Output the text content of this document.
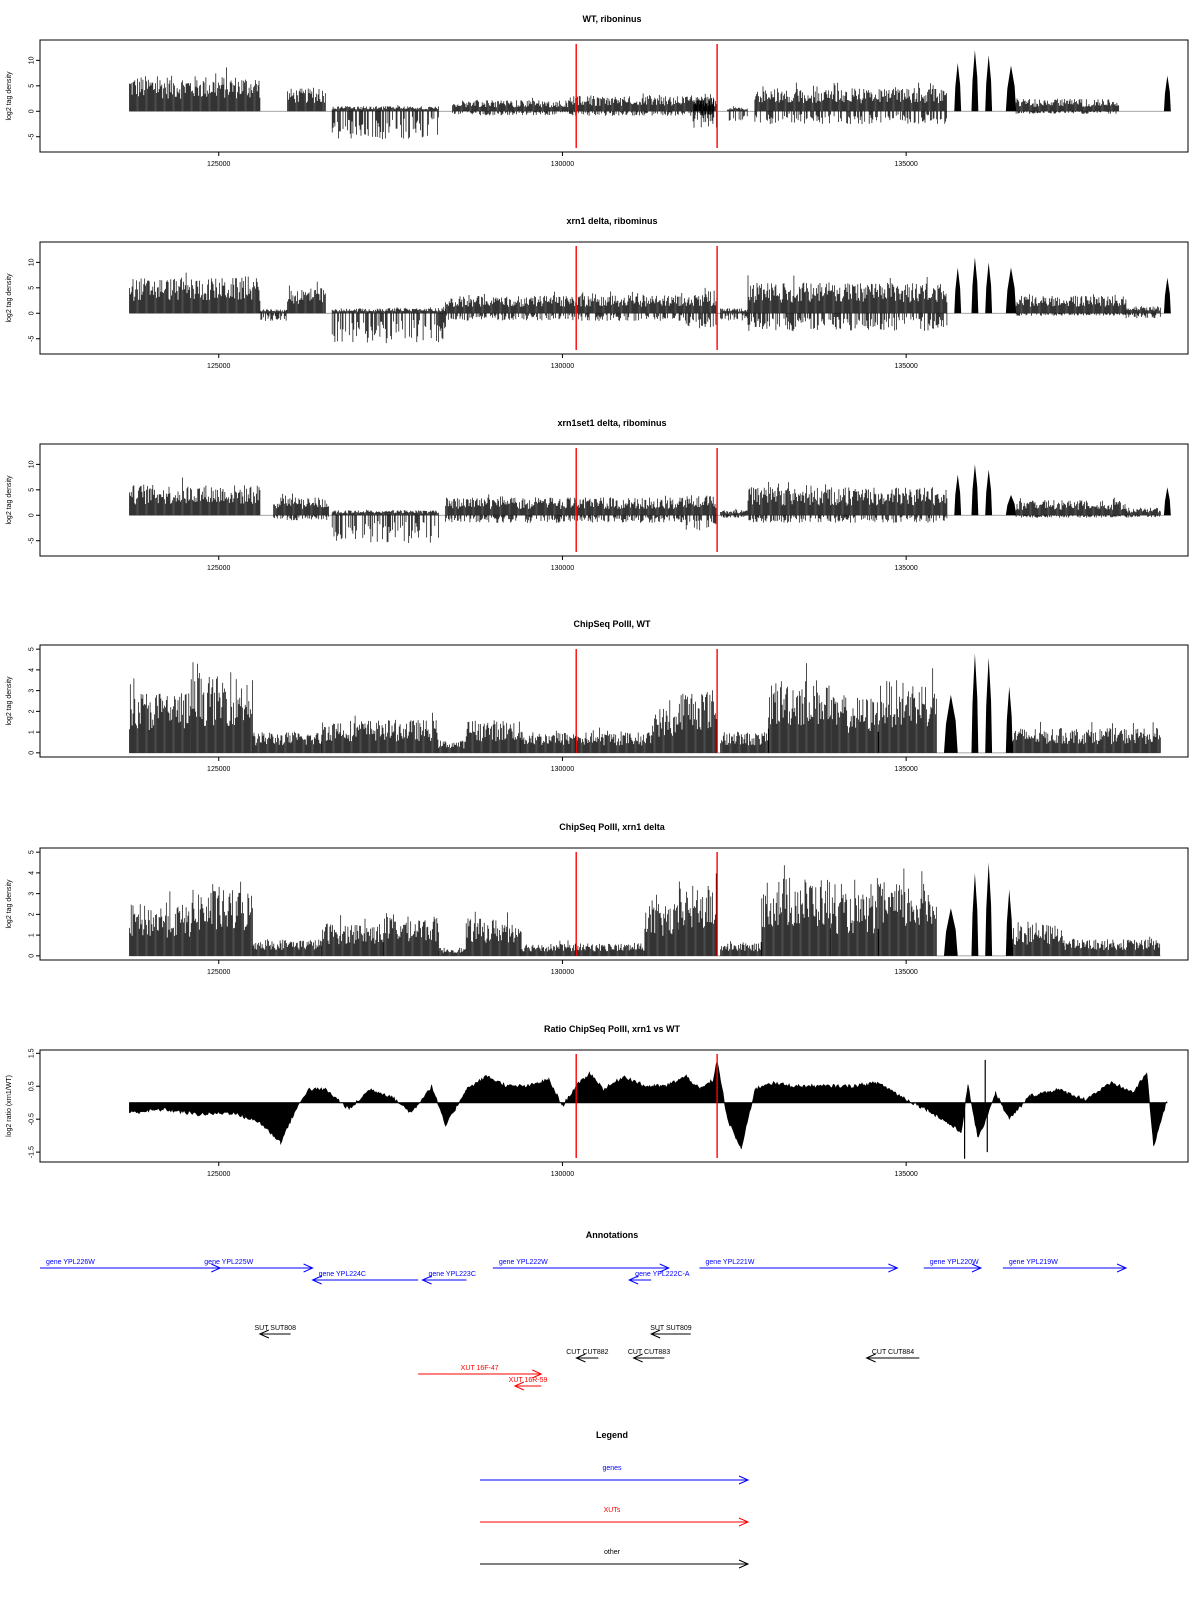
WT, riboninus
log2 tag density
-5
0
5
10
125000	130000	135000
xrn1 delta, ribominus
log2 tag density
-5
0
5
10
125000	130000	135000
xrn1set1 delta, ribominus
log2 tag density
-5
0
5
10
125000	130000	135000
ChipSeq PolII, WT
log2 tag density
0
1
2
3
4
5
125000	130000	135000
ChipSeq PolII, xrn1 delta
log2 tag density
0
1
2
3
4
5
125000	130000	135000
Ratio ChipSeq PolII, xrn1 vs WT
log2 ratio (xrn1/WT)
-1.5
-0.5
0.5
1.5
125000	130000	135000
Annotations
gene YPL226W	gene YPL225W
gene YPL224C	gene YPL223C
gene YPL222W
gene YPL222C-A
gene YPL221W	gene YPL220W	gene YPL219W
SUT SUT808	SUT SUT809
CUT CUT882	CUT CUT883	CUT CUT884
XUT 16F-47
XUT 16R-59
Legend
genes
XUTs
other
